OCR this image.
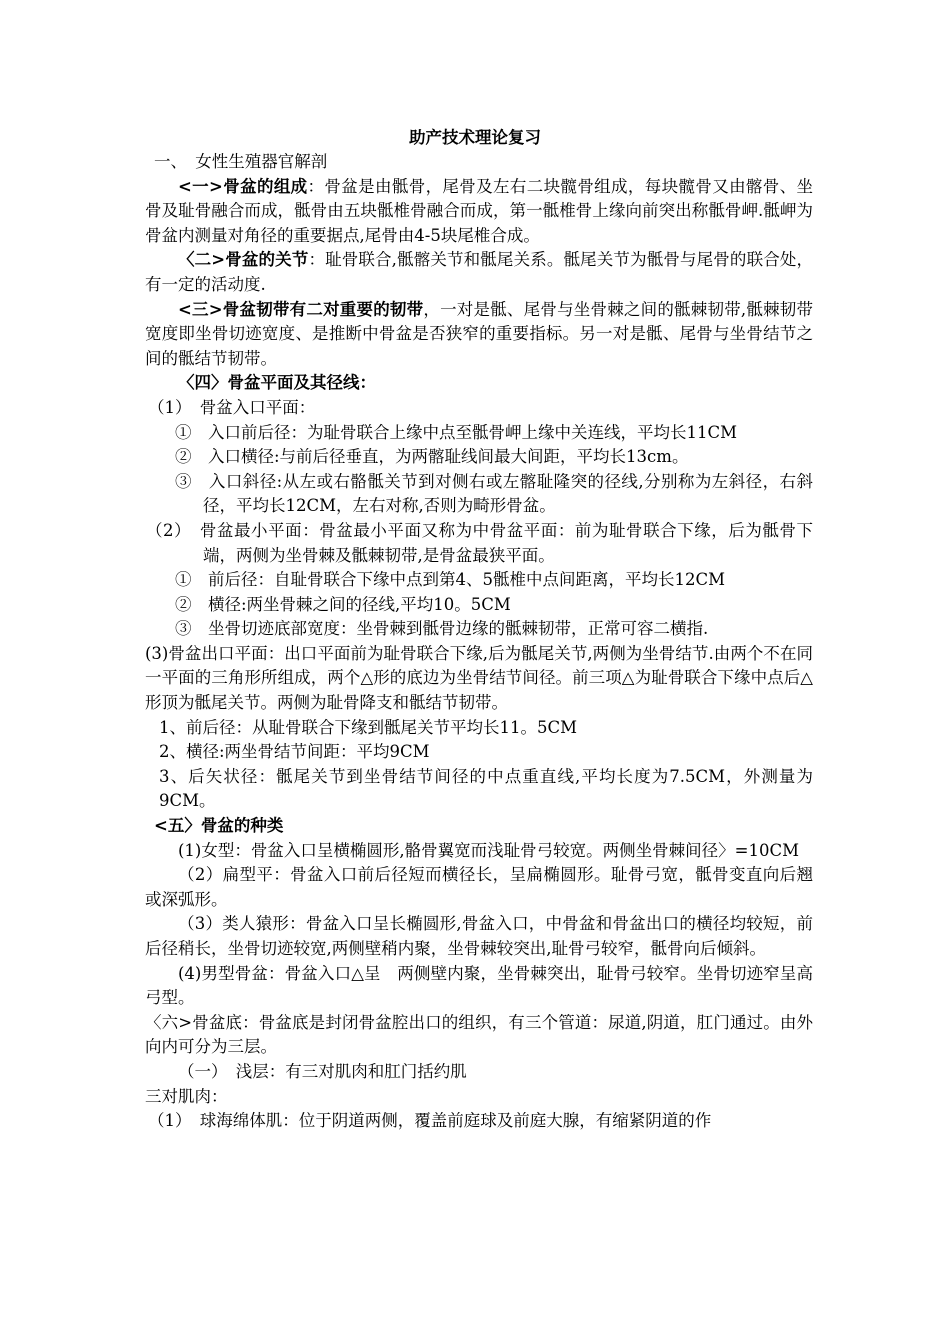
助产技术理论复习

一、　女性生殖器官解剖

<一>骨盆的组成：骨盆是由骶骨，尾骨及左右二块髋骨组成，每块髋骨又由髂骨、坐骨及耻骨融合而成，骶骨由五块骶椎骨融合而成，第一骶椎骨上缘向前突出称骶骨岬.骶岬为骨盆内测量对角径的重要据点,尾骨由4-5块尾椎合成。

〈二>骨盆的关节：耻骨联合,骶髂关节和骶尾关系。骶尾关节为骶骨与尾骨的联合处，有一定的活动度.

<三>骨盆韧带有二对重要的韧带，一对是骶、尾骨与坐骨棘之间的骶棘韧带,骶棘韧带宽度即坐骨切迹宽度、是推断中骨盆是否狭窄的重要指标。另一对是骶、尾骨与坐骨结节之间的骶结节韧带。

〈四〉骨盆平面及其径线：

（1）　骨盆入口平面：

①　入口前后径：为耻骨联合上缘中点至骶骨岬上缘中关连线，平均长11CM

②　入口横径:与前后径垂直，为两髂耻线间最大间距，平均长13cm。

③　入口斜径:从左或右骼骶关节到对侧右或左髂耻隆突的径线,分别称为左斜径，右斜径，平均长12CM，左右对称,否则为畸形骨盆。

（2）　骨盆最小平面：骨盆最小平面又称为中骨盆平面：前为耻骨联合下缘，后为骶骨下端，两侧为坐骨棘及骶棘韧带,是骨盆最狭平面。

①　前后径：自耻骨联合下缘中点到第4、5骶椎中点间距离，平均长12CM

②　横径:两坐骨棘之间的径线,平均10。5CM

③　坐骨切迹底部宽度：坐骨棘到骶骨边缘的骶棘韧带，正常可容二横指.

(3)骨盆出口平面：出口平面前为耻骨联合下缘,后为骶尾关节,两侧为坐骨结节.由两个不在同一平面的三角形所组成，两个△形的底边为坐骨结节间径。前三项△为耻骨联合下缘中点后△形顶为骶尾关节。两侧为耻骨降支和骶结节韧带。

1、前后径：从耻骨联合下缘到骶尾关节平均长11。5CM

2、横径:两坐骨结节间距：平均9CM

3、后矢状径：骶尾关节到坐骨结节间径的中点重直线,平均长度为7.5CM，外测量为9CM。

<五〉骨盆的种类

(1)女型：骨盆入口呈横椭圆形,骼骨翼宽而浅耻骨弓较宽。两侧坐骨棘间径〉=10CM

（2）扁型平：骨盆入口前后径短而横径长，呈扁椭圆形。耻骨弓宽，骶骨变直向后翘或深弧形。

（3）类人猿形：骨盆入口呈长椭圆形,骨盆入口，中骨盆和骨盆出口的横径均较短，前后径稍长，坐骨切迹较宽,两侧壁稍内聚，坐骨棘较突出,耻骨弓较窄，骶骨向后倾斜。

(4)男型骨盆：骨盆入口△呈　两侧壁内聚，坐骨棘突出，耻骨弓较窄。坐骨切迹窄呈高弓型。

〈六>骨盆底：骨盆底是封闭骨盆腔出口的组织，有三个管道：尿道,阴道，肛门通过。由外向内可分为三层。

（一）　浅层：有三对肌肉和肛门括约肌

三对肌肉：

（1）　球海绵体肌：位于阴道两侧，覆盖前庭球及前庭大腺，有缩紧阴道的作
